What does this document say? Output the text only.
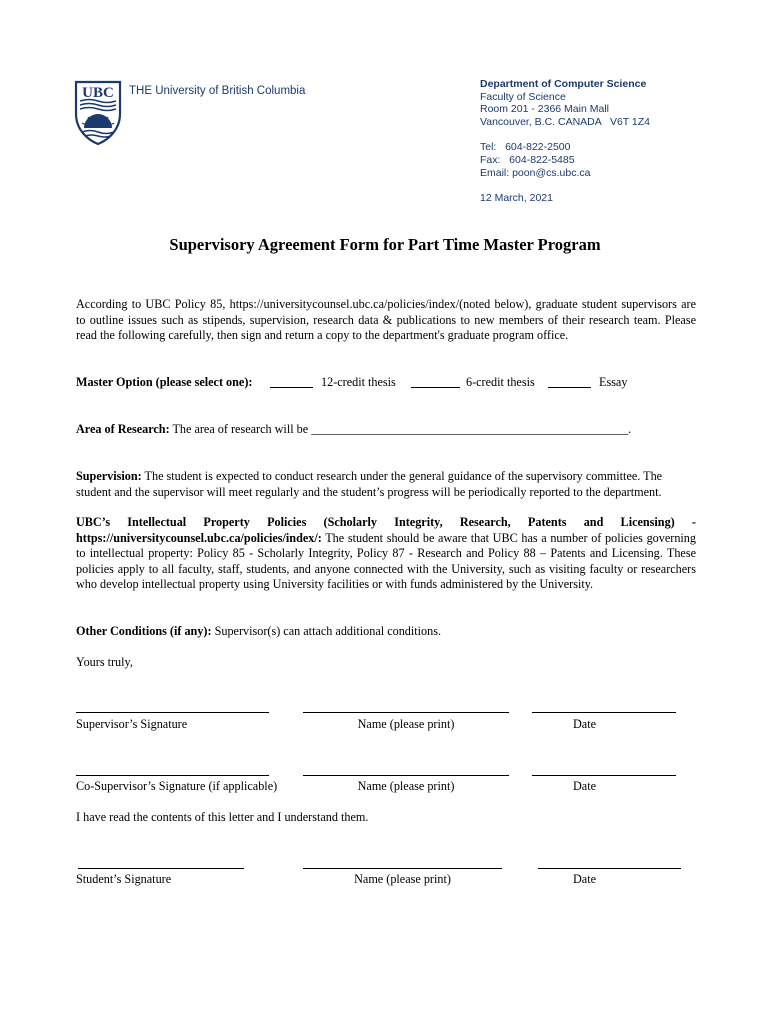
UBC THE University of British Columbia
Department of Computer Science
Faculty of Science
Room 201 - 2366 Main Mall
Vancouver, B.C. CANADA   V6T 1Z4
Tel:   604-822-2500
Fax:   604-822-5485
Email: poon@cs.ubc.ca
12 March, 2021
Supervisory Agreement Form for Part Time Master Program
According to UBC Policy 85, https://universitycounsel.ubc.ca/policies/index/(noted below), graduate student supervisors are to outline issues such as stipends, supervision, research data & publications to new members of their research team. Please read the following carefully, then sign and return a copy to the department's graduate program office.
Master Option (please select one):	12-credit thesis	6-credit thesis	Essay
Area of Research: The area of research will be ____________________________________________________.
Supervision: The student is expected to conduct research under the general guidance of the supervisory committee. The student and the supervisor will meet regularly and the student’s progress will be periodically reported to the department.
UBC’s Intellectual Property Policies (Scholarly Integrity, Research, Patents and Licensing) - https://universitycounsel.ubc.ca/policies/index/: The student should be aware that UBC has a number of policies governing to intellectual property: Policy 85 - Scholarly Integrity, Policy 87 - Research and Policy 88 – Patents and Licensing. These policies apply to all faculty, staff, students, and anyone connected with the University, such as visiting faculty or researchers who develop intellectual property using University facilities or with funds administered by the University.
Other Conditions (if any): Supervisor(s) can attach additional conditions.
Yours truly,
Supervisor’s Signature	Name (please print)	Date
Co-Supervisor’s Signature (if applicable)	Name (please print)	Date
I have read the contents of this letter and I understand them.
Student’s Signature	Name (please print)	Date
